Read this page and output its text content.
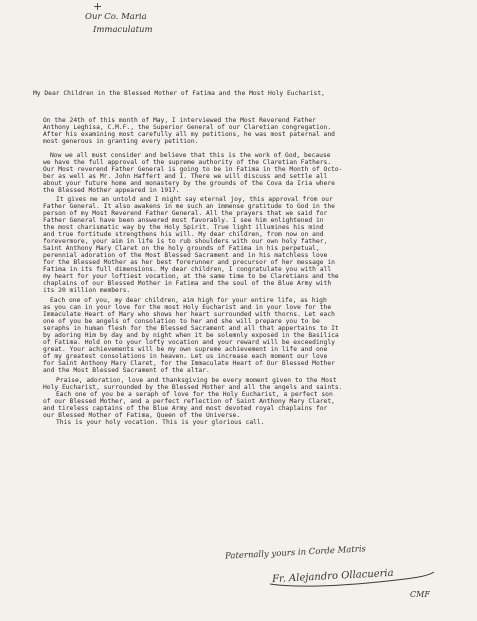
+
Our Co. Maria
Immaculatum
My Dear Children in the Blessed Mother of Fatima and the Most Holy Eucharist,
On the 24th of this month of May, I interviewed the Most Reverend Father
Anthony Leghisa, C.M.F., the Superior General of our Claretian congregation.
After his examining most carefully all my petitions, he was most paternal and
most generous in granting every petition.
Now we all must consider and believe that this is the work of God, because
we have the full approval of the supreme authority of the Claretian Fathers.
Our Most reverend Father General is going to be in Fatima in the Month of Octo-
ber as well as Mr. John Haffert and I. There we will discuss and settle all
about your future home and monastery by the grounds of the Cova da Iria where
the Blessed Mother appeared in 1917.
It gives me an untold and I might say eternal joy, this approval from our
Father General. It also awakens in me such an immense gratitude to God in the
person of my Most Reverend Father General. All the prayers that we said for
Father General have been answered most favorably. I see him enlightened in
the most charismatic way by the Holy Spirit. True light illumines his mind
and true fortitude strengthens his will. My dear children, from now on and
forevermore, your aim in life is to rub shoulders with our own holy father,
Saint Anthony Mary Claret on the holy grounds of Fatima in his perpetual,
perennial adoration of the Most Blessed Sacrament and in his matchless love
for the Blessed Mother as her best forerunner and precursor of her message in
Fatima in its full dimensions. My dear children, I congratulate you with all
my heart for your loftiest vocation, at the same time to be Claretians and the
chaplains of our Blessed Mother in Fatima and the soul of the Blue Army with
its 20 million members.
Each one of you, my dear children, aim high for your entire life, as high
as you can in your love for the most Holy Eucharist and in your love for the
Immaculate Heart of Mary who shows her heart surrounded with thorns. Let each
one of you be angels of consolation to her and she will prepare you to be
seraphs in human flesh for the Blessed Sacrament and all that appertains to It
by adoring Him by day and by night when it be solemnly exposed in the Basilica
of Fatima. Hold on to your lofty vocation and your reward will be exceedingly
great. Your achievements will be my own supreme achievement in life and one
of my greatest consolations in heaven. Let us increase each moment our love
for Saint Anthony Mary Claret, for the Immaculate Heart of Our Blessed Mother
and the Most Blessed Sacrament of the altar.
Praise, adoration, love and thanksgiving be every moment given to the Most
Holy Eucharist, surrounded by the Blessed Mother and all the angels and saints.
Each one of you be a seraph of love for the Holy Eucharist, a perfect son
of our Blessed Mother, and a perfect reflection of Saint Anthony Mary Claret,
and tireless captains of the Blue Army and most devoted royal chaplains for
our Blessed Mother of Fatima, Queen of the Universe.
This is your holy vocation. This is your glorious call.
Paternally yours in Corde Matris
Fr. Alejandro Ollacueria
CMF
